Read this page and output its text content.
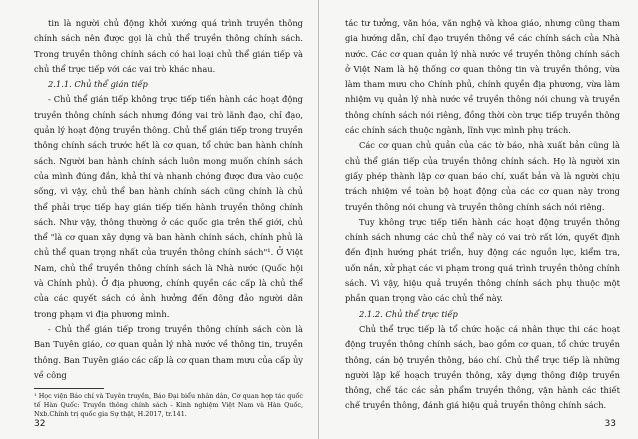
tin là người chủ động khởi xướng quá trình truyền thông chính sách nên được gọi là chủ thể truyền thông chính sách. Trong truyền thông chính sách có hai loại chủ thể gián tiếp và chủ thể trực tiếp với các vai trò khác nhau.

2.1.1. Chủ thể gián tiếp

- Chủ thể gián tiếp không trực tiếp tiến hành các hoạt động truyền thông chính sách nhưng đóng vai trò lãnh đạo, chỉ đạo, quản lý hoạt động truyền thông. Chủ thể gián tiếp trong truyền thông chính sách trước hết là cơ quan, tổ chức ban hành chính sách. Người ban hành chính sách luôn mong muốn chính sách của mình đúng đắn, khả thi và nhanh chóng được đưa vào cuộc sống, vì vậy, chủ thể ban hành chính sách cũng chính là chủ thể phải trực tiếp hay gián tiếp tiến hành truyền thông chính sách. Như vậy, thông thường ở các quốc gia trên thế giới, chủ thể "là cơ quan xây dựng và ban hành chính sách, chính phủ là chủ thể quan trọng nhất của truyền thông chính sách"¹. Ở Việt Nam, chủ thể truyền thông chính sách là Nhà nước (Quốc hội và Chính phủ). Ở địa phương, chính quyền các cấp là chủ thể của các quyết sách có ảnh hưởng đến đông đảo người dân trong phạm vi địa phương mình.

- Chủ thể gián tiếp trong truyền thông chính sách còn là Ban Tuyên giáo, cơ quan quản lý nhà nước về thông tin, truyền thông. Ban Tuyên giáo các cấp là cơ quan tham mưu của cấp ủy về công

¹ Học viện Báo chí và Tuyên truyền, Báo Đại biểu nhân dân, Cơ quan hợp tác quốc tế Hàn Quốc: Truyền thông chính sách - Kinh nghiệm Việt Nam và Hàn Quốc, Nxb.Chính trị quốc gia Sự thật, H.2017, tr.141.

32

tác tư tưởng, văn hóa, văn nghệ và khoa giáo, nhưng cũng tham gia hướng dẫn, chỉ đạo truyền thông về các chính sách của Nhà nước. Các cơ quan quản lý nhà nước về truyền thông chính sách ở Việt Nam là hệ thống cơ quan thông tin và truyền thông, vừa làm tham mưu cho Chính phủ, chính quyền địa phương, vừa làm nhiệm vụ quản lý nhà nước về truyền thông nói chung và truyền thông chính sách nói riêng, đồng thời còn trực tiếp truyền thông các chính sách thuộc ngành, lĩnh vực mình phụ trách.

Các cơ quan chủ quản của các tờ báo, nhà xuất bản cũng là chủ thể gián tiếp của truyền thông chính sách. Họ là người xin giấy phép thành lập cơ quan báo chí, xuất bản và là người chịu trách nhiệm về toàn bộ hoạt động của các cơ quan này trong truyền thông nói chung và truyền thông chính sách nói riêng.

Tuy không trực tiếp tiến hành các hoạt động truyền thông chính sách nhưng các chủ thể này có vai trò rất lớn, quyết định đến định hướng phát triển, huy động các nguồn lực, kiểm tra, uốn nắn, xử phạt các vi phạm trong quá trình truyền thông chính sách. Vì vậy, hiệu quả truyền thông chính sách phụ thuộc một phần quan trọng vào các chủ thể này.

2.1.2. Chủ thể trực tiếp

Chủ thể trực tiếp là tổ chức hoặc cá nhân thực thi các hoạt động truyền thông chính sách, bao gồm cơ quan, tổ chức truyền thông, cán bộ truyền thông, báo chí. Chủ thể trực tiếp là những người lập kế hoạch truyền thông, xây dựng thông điệp truyền thông, chế tác các sản phẩm truyền thông, vận hành các thiết chế truyền thông, đánh giá hiệu quả truyền thông chính sách.

33
